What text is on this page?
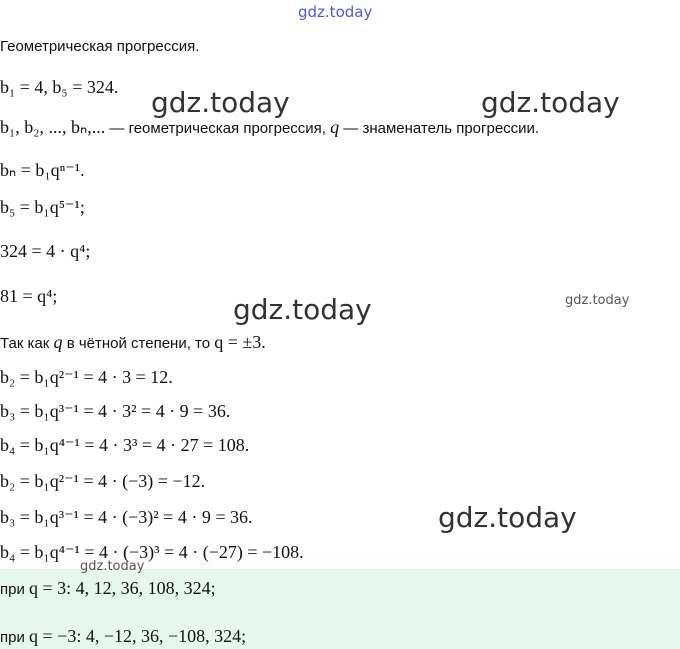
gdz.today
Геометрическая прогрессия.
b₁ = 4, b₅ = 324.
b₁, b₂, ..., bₙ,... — геометрическая прогрессия, q — знаменатель прогрессии.
bₙ = b₁qⁿ⁻¹.
b₅ = b₁q⁵⁻¹;
324 = 4 · q⁴;
81 = q⁴;
Так как q в чётной степени, то q = ±3.
b₂ = b₁q²⁻¹ = 4 · 3 = 12.
b₃ = b₁q³⁻¹ = 4 · 3² = 4 · 9 = 36.
b₄ = b₁q⁴⁻¹ = 4 · 3³ = 4 · 27 = 108.
b₂ = b₁q²⁻¹ = 4 · (−3) = −12.
b₃ = b₁q³⁻¹ = 4 · (−3)² = 4 · 9 = 36.
b₄ = b₁q⁴⁻¹ = 4 · (−3)³ = 4 · (−27) = −108.
при q = 3: 4, 12, 36, 108, 324;
при q = −3: 4, −12, 36, −108, 324;
gdz.today	gdz.today
gdz.today	gdz.today
gdz.today
gdz.today
